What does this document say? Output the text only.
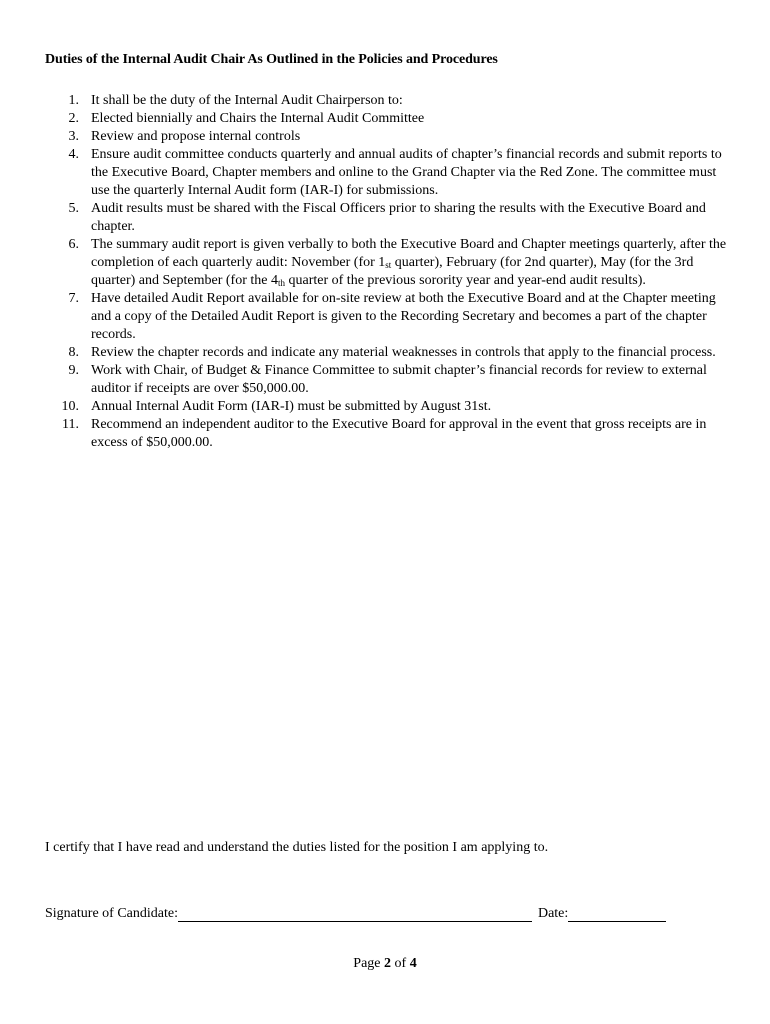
Duties of the Internal Audit Chair As Outlined in the Policies and Procedures
1. It shall be the duty of the Internal Audit Chairperson to:
2. Elected biennially and Chairs the Internal Audit Committee
3. Review and propose internal controls
4. Ensure audit committee conducts quarterly and annual audits of chapter’s financial records and submit reports to the Executive Board, Chapter members and online to the Grand Chapter via the Red Zone. The committee must use the quarterly Internal Audit form (IAR-I) for submissions.
5. Audit results must be shared with the Fiscal Officers prior to sharing the results with the Executive Board and chapter.
6. The summary audit report is given verbally to both the Executive Board and Chapter meetings quarterly, after the completion of each quarterly audit: November (for $1_{st}$ quarter), February (for 2nd quarter), May (for the 3rd quarter) and September (for the $4_{th}$ quarter of the previous sorority year and year-end audit results).
7. Have detailed Audit Report available for on-site review at both the Executive Board and at the Chapter meeting and a copy of the Detailed Audit Report is given to the Recording Secretary and becomes a part of the chapter records.
8. Review the chapter records and indicate any material weaknesses in controls that apply to the financial process.
9. Work with Chair, of Budget & Finance Committee to submit chapter’s financial records for review to external auditor if receipts are over $50,000.00.
10. Annual Internal Audit Form (IAR-I) must be submitted by August 31st.
11. Recommend an independent auditor to the Executive Board for approval in the event that gross receipts are in excess of $50,000.00.
I certify that I have read and understand the duties listed for the position I am applying to.
Signature of Candidate:	Date:
Page 2 of 4
